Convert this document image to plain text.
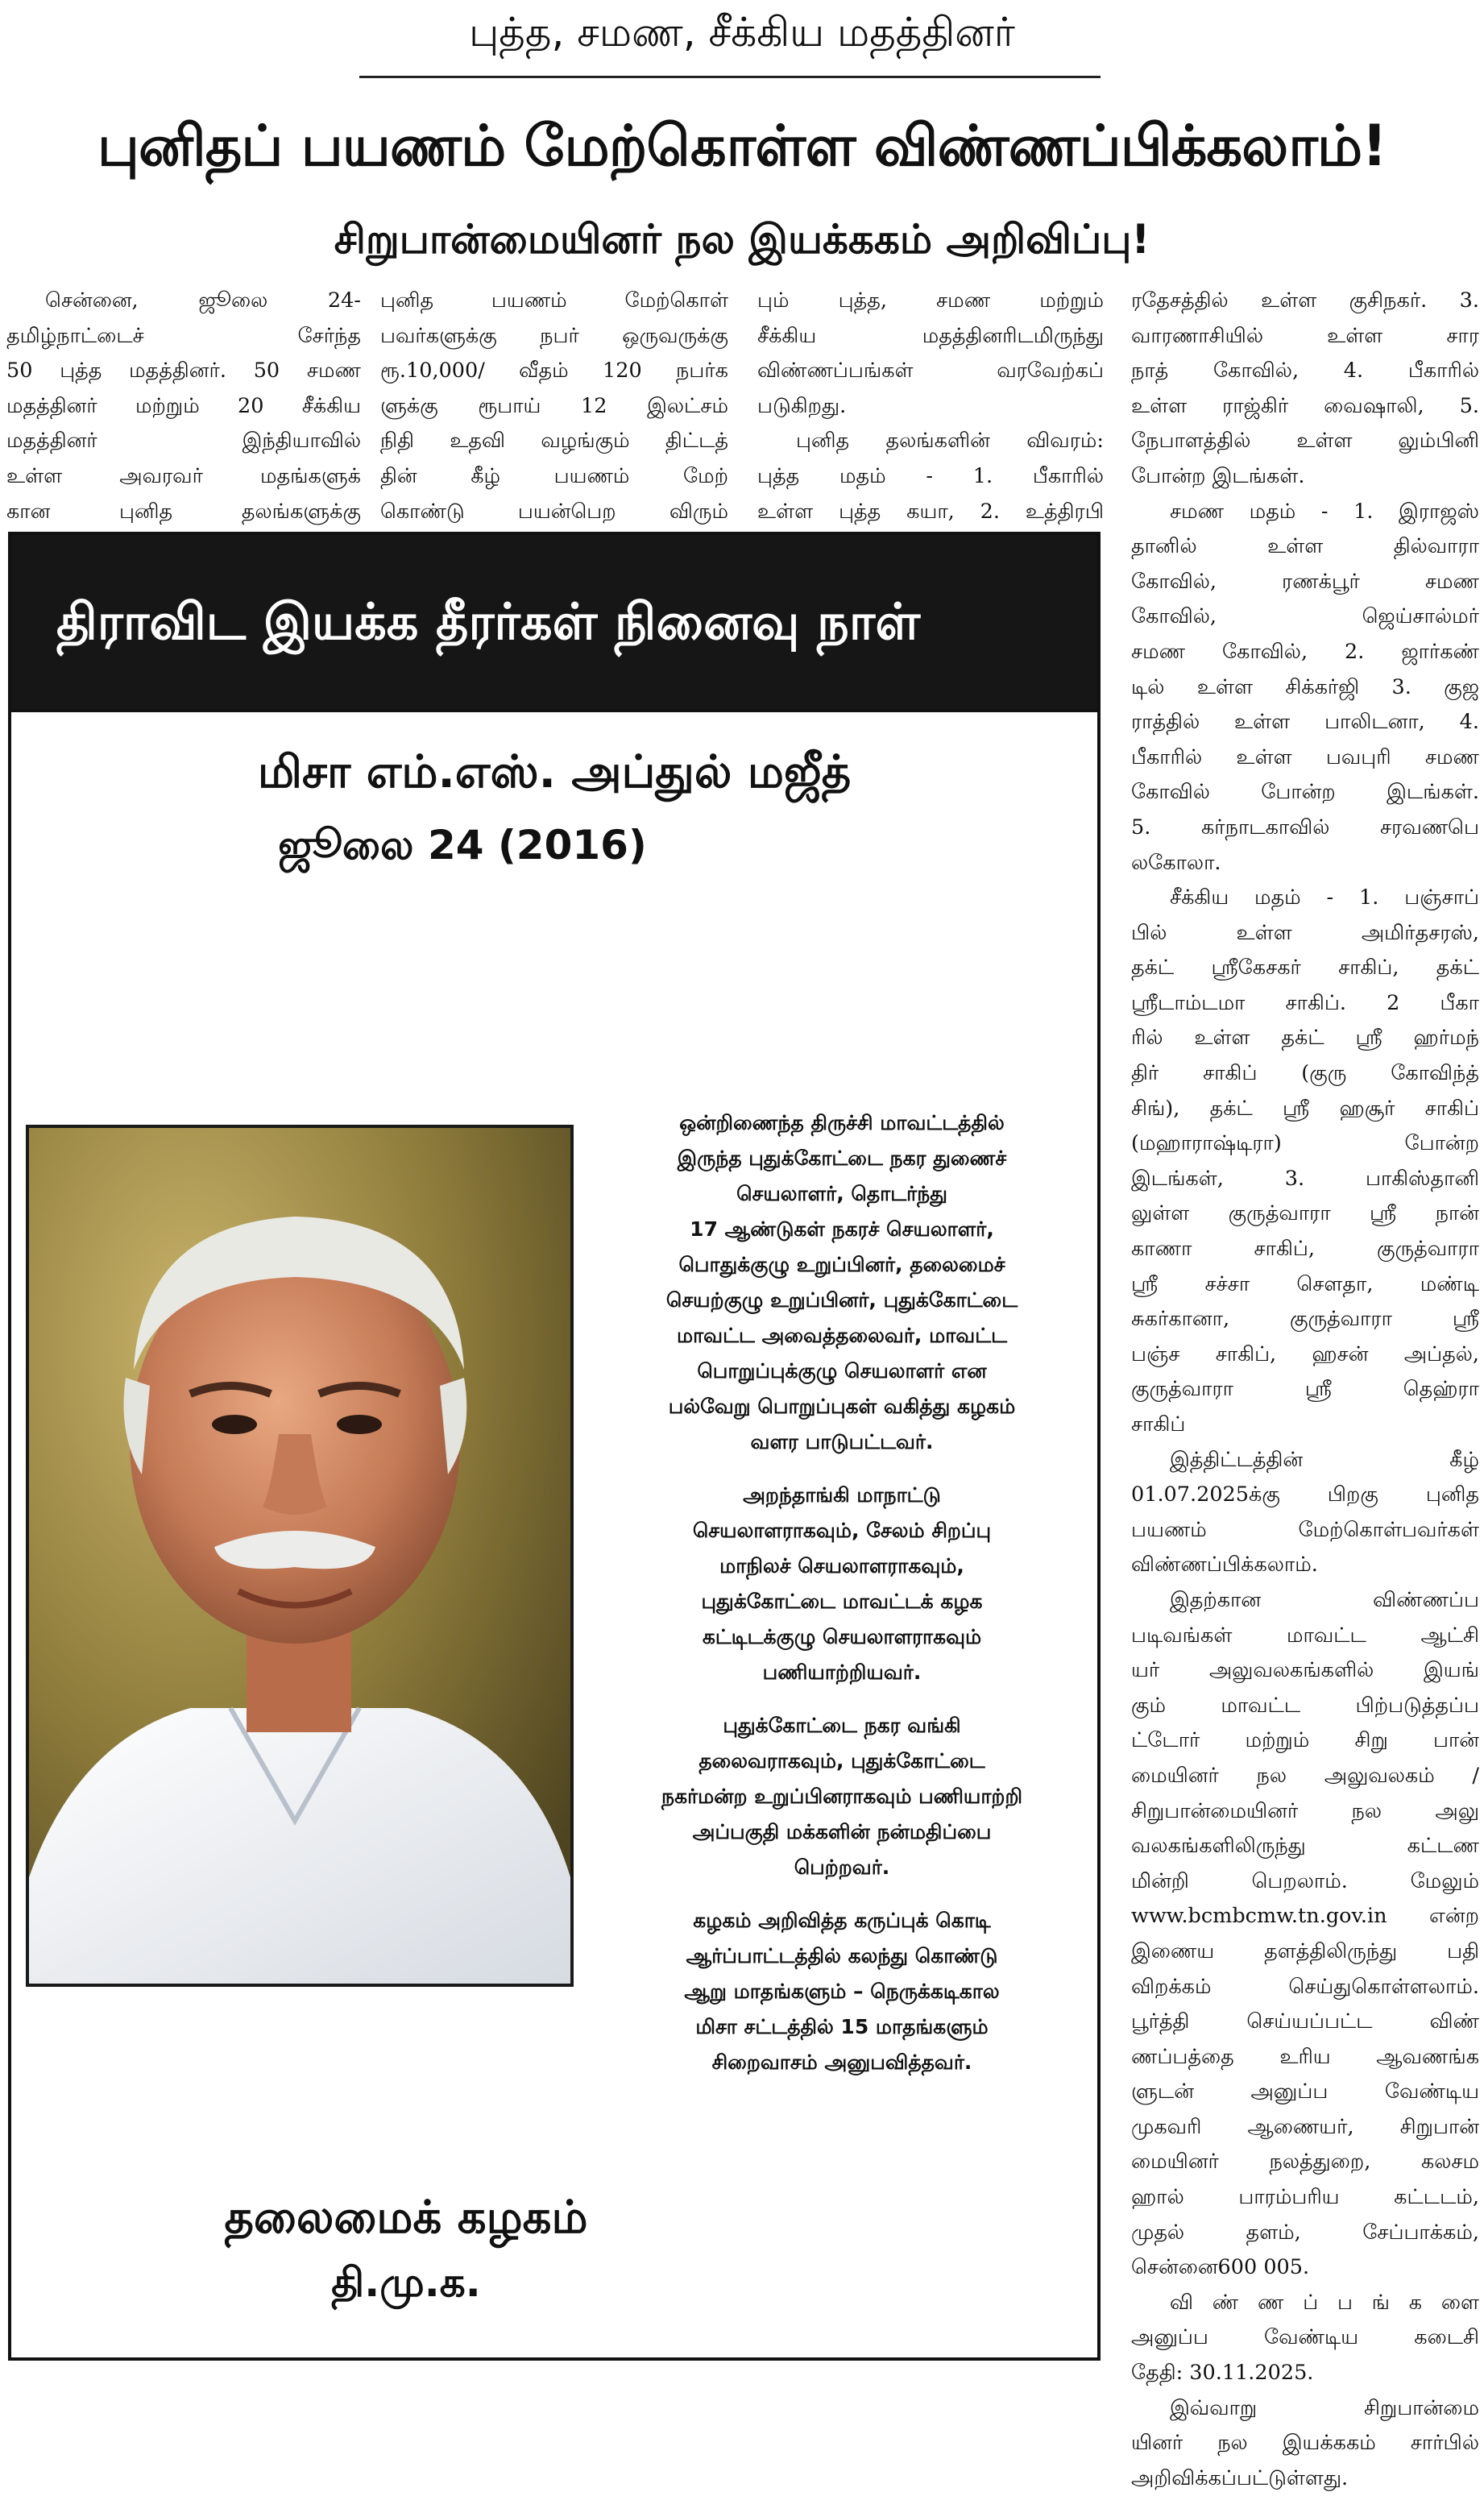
புத்த, சமண, சீக்கிய மதத்தினர்
புனிதப் பயணம் மேற்கொள்ள விண்ணப்பிக்கலாம்!
சிறுபான்மையினர் நல இயக்ககம் அறிவிப்பு!

சென்னை, ஜூலை 24-

தமிழ்நாட்டைச் சேர்ந்த

50 புத்த மதத்தினர். 50 சமண

மதத்தினர் மற்றும் 20 சீக்கிய

மதத்தினர் இந்தியாவில்

உள்ள அவரவர் மதங்களுக்

கான புனித தலங்களுக்கு

புனித பயணம் மேற்கொள்

பவர்களுக்கு நபர் ஒருவருக்கு

ரூ.10,000/ வீதம் 120 நபர்க

ளுக்கு ரூபாய் 12 இலட்சம்

நிதி உதவி வழங்கும் திட்டத்

தின் கீழ் பயணம் மேற்

கொண்டு பயன்பெற விரும்

பும் புத்த, சமண மற்றும்

சீக்கிய மதத்தினரிடமிருந்து

விண்ணப்பங்கள் வரவேற்கப்

படுகிறது.

புனித தலங்களின் விவரம்:

புத்த மதம் - 1. பீகாரில்

உள்ள புத்த கயா, 2. உத்திரபி

ரதேசத்தில் உள்ள குசிநகர். 3.

வாரணாசியில் உள்ள சார

நாத் கோவில், 4. பீகாரில்

உள்ள ராஜ்கிர் வைஷாலி, 5.

நேபாளத்தில் உள்ள லும்பினி

போன்ற இடங்கள்.

சமண மதம் - 1. இராஜஸ்

தானில் உள்ள தில்வாரா

கோவில், ரணக்பூர் சமண

கோவில், ஜெய்சால்மர்

சமண கோவில், 2. ஜார்கண்

டில் உள்ள சிக்கர்ஜி 3. குஜ

ராத்தில் உள்ள பாலிடனா, 4.

பீகாரில் உள்ள பவபுரி சமண

கோவில் போன்ற இடங்கள்.

5. கர்நாடகாவில் சரவணபெ

லகோலா.

சீக்கிய மதம் - 1. பஞ்சாப்

பில் உள்ள அமிர்தசரஸ்,

தக்ட் ஸ்ரீகேசகர் சாகிப், தக்ட்

ஸ்ரீடாம்டமா சாகிப். 2 பீகா

ரில் உள்ள தக்ட் ஸ்ரீ ஹர்மந்

திர் சாகிப் (குரு கோவிந்த்

சிங்), தக்ட் ஸ்ரீ ஹசூர் சாகிப்

(மஹாராஷ்டிரா) போன்ற

இடங்கள், 3. பாகிஸ்தானி

லுள்ள குருத்வாரா ஸ்ரீ நான்

காணா சாகிப், குருத்வாரா

ஸ்ரீ சச்சா சௌதா, மண்டி

சுகர்கானா, குருத்வாரா ஸ்ரீ

பஞ்ச சாகிப், ஹசன் அப்தல்,

குருத்வாரா ஸ்ரீ தெஹ்ரா

சாகிப்

இத்திட்டத்தின் கீழ்

01.07.2025க்கு பிறகு புனித

பயணம் மேற்கொள்பவர்கள்

விண்ணப்பிக்கலாம்.

இதற்கான விண்ணப்ப

படிவங்கள் மாவட்ட ஆட்சி

யர் அலுவலகங்களில் இயங்

கும் மாவட்ட பிற்படுத்தப்ப

ட்டோர் மற்றும் சிறு பான்

மையினர் நல அலுவலகம் /

சிறுபான்மையினர் நல அலு

வலகங்களிலிருந்து கட்டண

மின்றி பெறலாம். மேலும்

www.bcmbcmw.tn.gov.in என்ற

இணைய தளத்திலிருந்து பதி

விறக்கம் செய்துகொள்ளலாம்.

பூர்த்தி செய்யப்பட்ட விண்

ணப்பத்தை உரிய ஆவணங்க

ளுடன் அனுப்ப வேண்டிய

முகவரி ஆணையர், சிறுபான்

மையினர் நலத்துறை, கலசம

ஹால் பாரம்பரிய கட்டடம்,

முதல் தளம், சேப்பாக்கம்,

சென்னை600 005.

வி ண் ண ப் ப ங் க ளை

அனுப்ப வேண்டிய கடைசி

தேதி: 30.11.2025.

இவ்வாறு சிறுபான்மை

யினர் நல இயக்ககம் சார்பில்

அறிவிக்கப்பட்டுள்ளது.

திராவிட இயக்க தீரர்கள் நினைவு நாள்
மிசா எம்.எஸ். அப்துல் மஜீத்
ஜூலை 24 (2016)

ஒன்றிணைந்த திருச்சி மாவட்டத்தில்
இருந்த புதுக்கோட்டை நகர துணைச்
செயலாளர், தொடர்ந்து
17 ஆண்டுகள் நகரச் செயலாளர்,
பொதுக்குழு உறுப்பினர், தலைமைச்
செயற்குழு உறுப்பினர், புதுக்கோட்டை
மாவட்ட அவைத்தலைவர், மாவட்ட
பொறுப்புக்குழு செயலாளர் என
பல்வேறு பொறுப்புகள் வகித்து கழகம்
வளர பாடுபட்டவர்.

அறந்தாங்கி மாநாட்டு
செயலாளராகவும், சேலம் சிறப்பு
மாநிலச் செயலாளராகவும்,
புதுக்கோட்டை மாவட்டக் கழக
கட்டிடக்குழு செயலாளராகவும்
பணியாற்றியவர்.

புதுக்கோட்டை நகர வங்கி
தலைவராகவும், புதுக்கோட்டை
நகர்மன்ற உறுப்பினராகவும் பணியாற்றி
அப்பகுதி மக்களின் நன்மதிப்பை
பெற்றவர்.

கழகம் அறிவித்த கருப்புக் கொடி
ஆர்ப்பாட்டத்தில் கலந்து கொண்டு
ஆறு மாதங்களும் – நெருக்கடிகால
மிசா சட்டத்தில் 15 மாதங்களும்
சிறைவாசம் அனுபவித்தவர்.

தலைமைக் கழகம்
தி.மு.க.
